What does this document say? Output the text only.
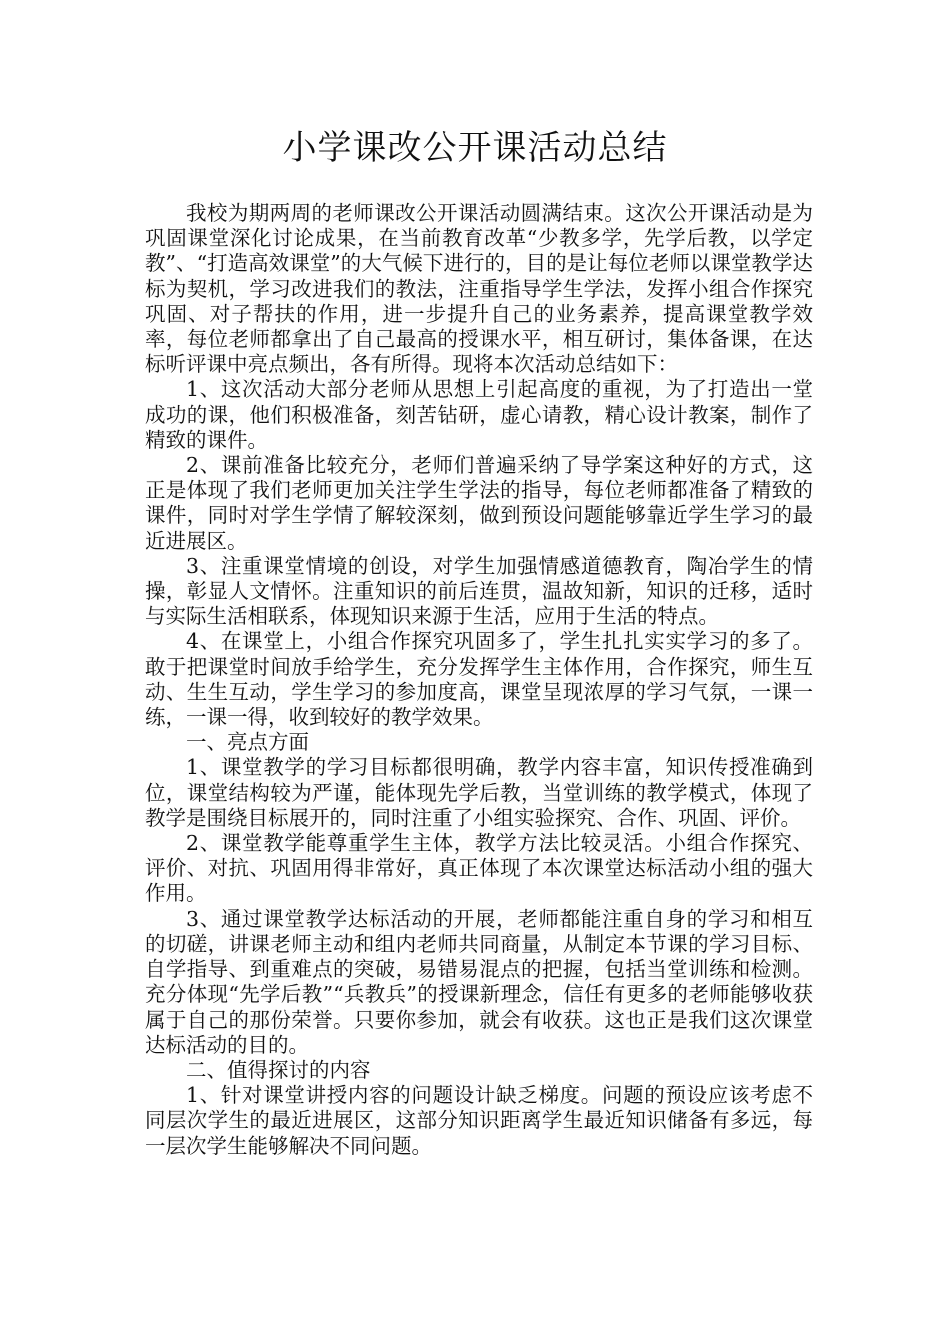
小学课改公开课活动总结

我校为期两周的老师课改公开课活动圆满结束。这次公开课活动是为巩固课堂深化讨论成果，在当前教育改革“少教多学，先学后教，以学定教”、“打造高效课堂”的大气候下进行的，目的是让每位老师以课堂教学达标为契机，学习改进我们的教法，注重指导学生学法，发挥小组合作探究巩固、对子帮扶的作用，进一步提升自己的业务素养，提高课堂教学效率，每位老师都拿出了自己最高的授课水平，相互研讨，集体备课，在达标听评课中亮点频出，各有所得。现将本次活动总结如下：

1、这次活动大部分老师从思想上引起高度的重视，为了打造出一堂成功的课，他们积极准备，刻苦钻研，虚心请教，精心设计教案，制作了精致的课件。

2、课前准备比较充分，老师们普遍采纳了导学案这种好的方式，这正是体现了我们老师更加关注学生学法的指导，每位老师都准备了精致的课件，同时对学生学情了解较深刻，做到预设问题能够靠近学生学习的最近进展区。

3、注重课堂情境的创设，对学生加强情感道德教育，陶冶学生的情操，彰显人文情怀。注重知识的前后连贯，温故知新，知识的迁移，适时与实际生活相联系，体现知识来源于生活，应用于生活的特点。

4、在课堂上，小组合作探究巩固多了，学生扎扎实实学习的多了。敢于把课堂时间放手给学生，充分发挥学生主体作用，合作探究，师生互动、生生互动，学生学习的参加度高，课堂呈现浓厚的学习气氛，一课一练，一课一得，收到较好的教学效果。

一、亮点方面

1、课堂教学的学习目标都很明确，教学内容丰富，知识传授准确到位，课堂结构较为严谨，能体现先学后教，当堂训练的教学模式，体现了教学是围绕目标展开的，同时注重了小组实验探究、合作、巩固、评价。

2、课堂教学能尊重学生主体，教学方法比较灵活。小组合作探究、评价、对抗、巩固用得非常好，真正体现了本次课堂达标活动小组的强大作用。

3、通过课堂教学达标活动的开展，老师都能注重自身的学习和相互的切磋，讲课老师主动和组内老师共同商量，从制定本节课的学习目标、自学指导、到重难点的突破，易错易混点的把握，包括当堂训练和检测。充分体现“先学后教”“兵教兵”的授课新理念，信任有更多的老师能够收获属于自己的那份荣誉。只要你参加，就会有收获。这也正是我们这次课堂达标活动的目的。

二、值得探讨的内容

1、针对课堂讲授内容的问题设计缺乏梯度。问题的预设应该考虑不同层次学生的最近进展区，这部分知识距离学生最近知识储备有多远，每一层次学生能够解决不同问题。
